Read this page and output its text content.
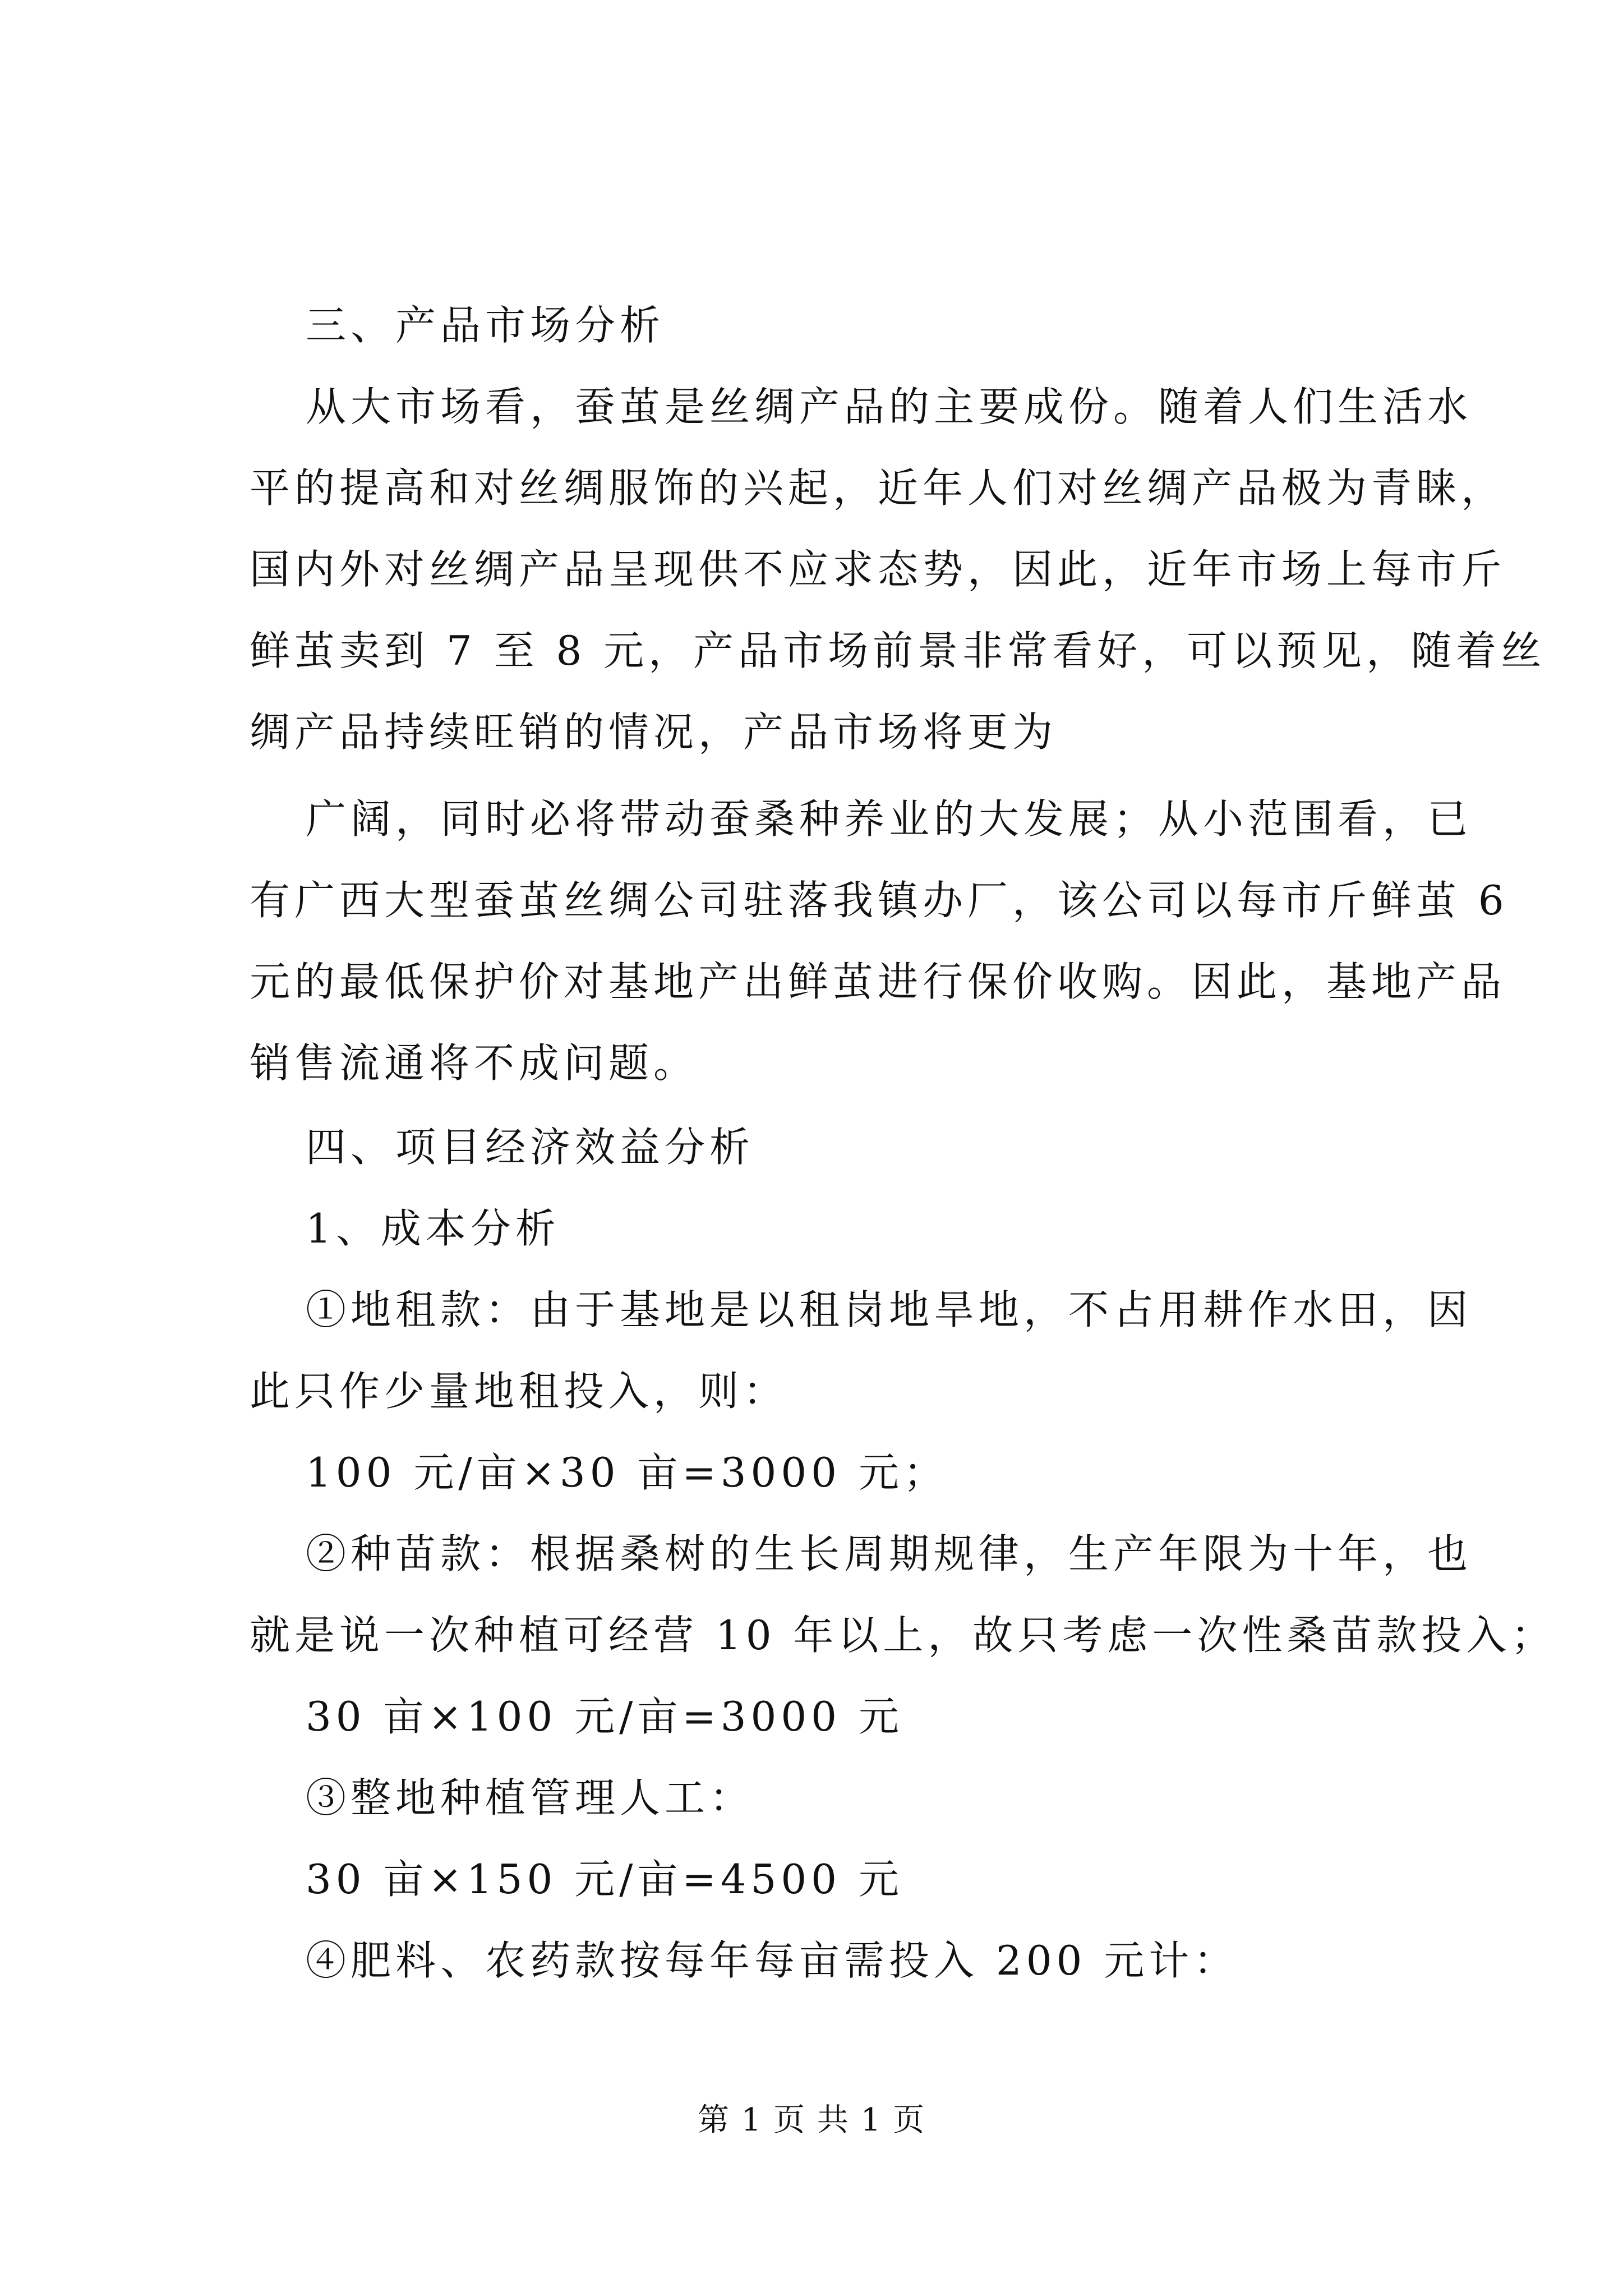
三、产品市场分析
从大市场看，蚕茧是丝绸产品的主要成份。随着人们生活水
平的提高和对丝绸服饰的兴起，近年人们对丝绸产品极为青睐，
国内外对丝绸产品呈现供不应求态势，因此，近年市场上每市斤
鲜茧卖到 7 至 8 元，产品市场前景非常看好，可以预见，随着丝
绸产品持续旺销的情况，产品市场将更为
广阔，同时必将带动蚕桑种养业的大发展；从小范围看，已
有广西大型蚕茧丝绸公司驻落我镇办厂，该公司以每市斤鲜茧 6
元的最低保护价对基地产出鲜茧进行保价收购。因此，基地产品
销售流通将不成问题。
四、项目经济效益分析
1、成本分析
①地租款：由于基地是以租岗地旱地，不占用耕作水田，因
此只作少量地租投入，则：
100 元/亩×30 亩=3000 元；
②种苗款：根据桑树的生长周期规律，生产年限为十年，也
就是说一次种植可经营 10 年以上，故只考虑一次性桑苗款投入；
30 亩×100 元/亩=3000 元
③整地种植管理人工：
30 亩×150 元/亩=4500 元
④肥料、农药款按每年每亩需投入 200 元计：
第 1 页 共 1 页
